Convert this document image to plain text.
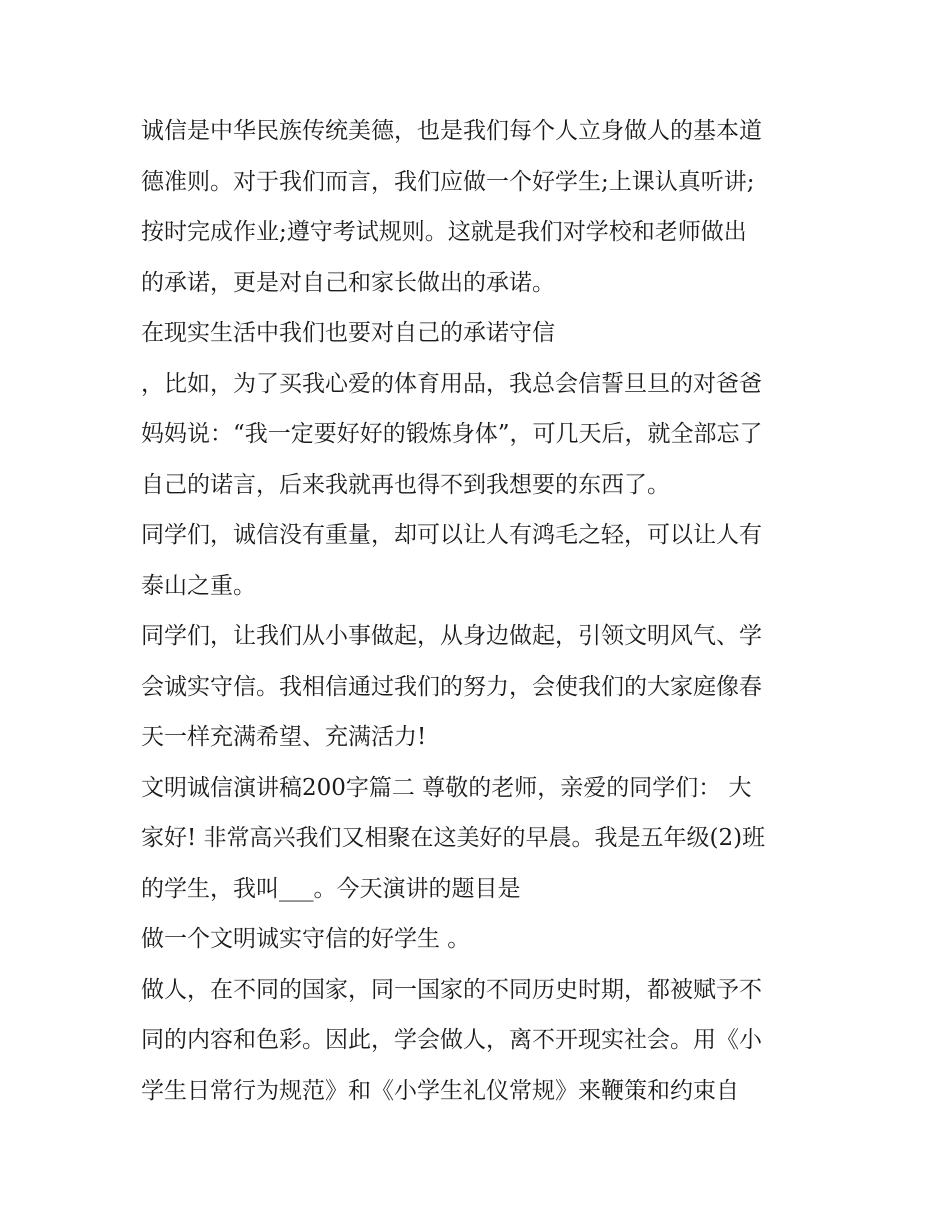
诚信是中华民族传统美德，也是我们每个人立身做人的基本道
德准则。对于我们而言，我们应做一个好学生;上课认真听讲;
按时完成作业;遵守考试规则。这就是我们对学校和老师做出
的承诺，更是对自己和家长做出的承诺。
在现实生活中我们也要对自己的承诺守信
，比如，为了买我心爱的体育用品，我总会信誓旦旦的对爸爸
妈妈说：“我一定要好好的锻炼身体”，可几天后，就全部忘了
自己的诺言，后来我就再也得不到我想要的东西了。
同学们，诚信没有重量，却可以让人有鸿毛之轻，可以让人有
泰山之重。
同学们，让我们从小事做起，从身边做起，引领文明风气、学
会诚实守信。我相信通过我们的努力，会使我们的大家庭像春
天一样充满希望、充满活力!
文明诚信演讲稿200字篇二 尊敬的老师，亲爱的同学们： 大
家好! 非常高兴我们又相聚在这美好的早晨。我是五年级(2)班
的学生，我叫___。今天演讲的题目是
做一个文明诚实守信的好学生 。
做人，在不同的国家，同一国家的不同历史时期，都被赋予不
同的内容和色彩。因此，学会做人，离不开现实社会。用《小
学生日常行为规范》和《小学生礼仪常规》来鞭策和约束自
